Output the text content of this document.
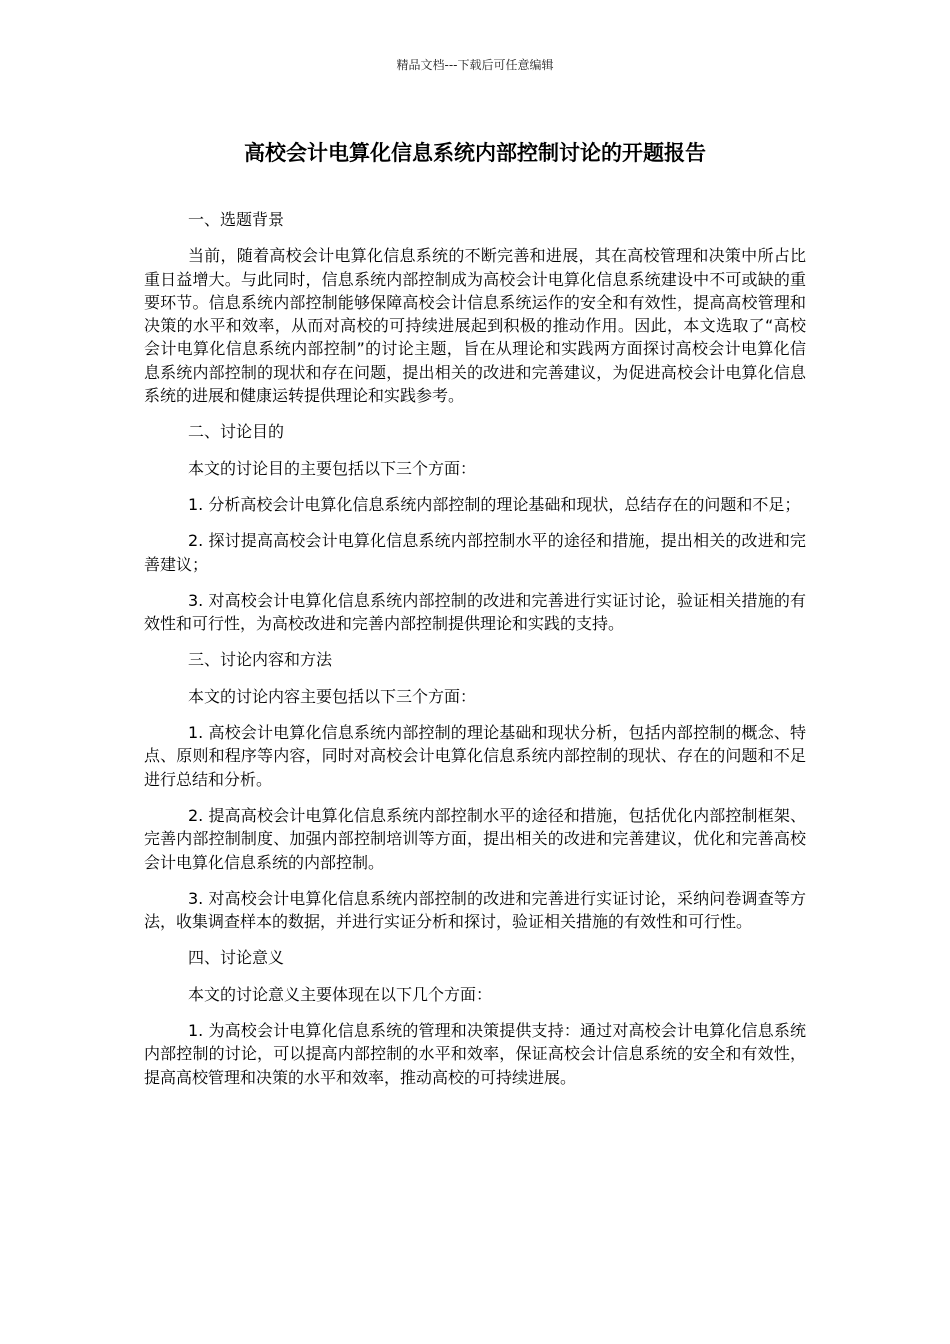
精品文档---下载后可任意编辑
高校会计电算化信息系统内部控制讨论的开题报告

一、选题背景

当前，随着高校会计电算化信息系统的不断完善和进展，其在高校管理和决策中所占比重日益增大。与此同时，信息系统内部控制成为高校会计电算化信息系统建设中不可或缺的重要环节。信息系统内部控制能够保障高校会计信息系统运作的安全和有效性，提高高校管理和决策的水平和效率，从而对高校的可持续进展起到积极的推动作用。因此，本文选取了“高校会计电算化信息系统内部控制”的讨论主题，旨在从理论和实践两方面探讨高校会计电算化信息系统内部控制的现状和存在问题，提出相关的改进和完善建议，为促进高校会计电算化信息系统的进展和健康运转提供理论和实践参考。

二、讨论目的

本文的讨论目的主要包括以下三个方面：

1. 分析高校会计电算化信息系统内部控制的理论基础和现状，总结存在的问题和不足；

2. 探讨提高高校会计电算化信息系统内部控制水平的途径和措施，提出相关的改进和完善建议；

3. 对高校会计电算化信息系统内部控制的改进和完善进行实证讨论，验证相关措施的有效性和可行性，为高校改进和完善内部控制提供理论和实践的支持。

三、讨论内容和方法

本文的讨论内容主要包括以下三个方面：

1. 高校会计电算化信息系统内部控制的理论基础和现状分析，包括内部控制的概念、特点、原则和程序等内容，同时对高校会计电算化信息系统内部控制的现状、存在的问题和不足进行总结和分析。

2. 提高高校会计电算化信息系统内部控制水平的途径和措施，包括优化内部控制框架、完善内部控制制度、加强内部控制培训等方面，提出相关的改进和完善建议，优化和完善高校会计电算化信息系统的内部控制。

3. 对高校会计电算化信息系统内部控制的改进和完善进行实证讨论，采纳问卷调查等方法，收集调查样本的数据，并进行实证分析和探讨，验证相关措施的有效性和可行性。

四、讨论意义

本文的讨论意义主要体现在以下几个方面：

1. 为高校会计电算化信息系统的管理和决策提供支持：通过对高校会计电算化信息系统内部控制的讨论，可以提高内部控制的水平和效率，保证高校会计信息系统的安全和有效性，提高高校管理和决策的水平和效率，推动高校的可持续进展。
